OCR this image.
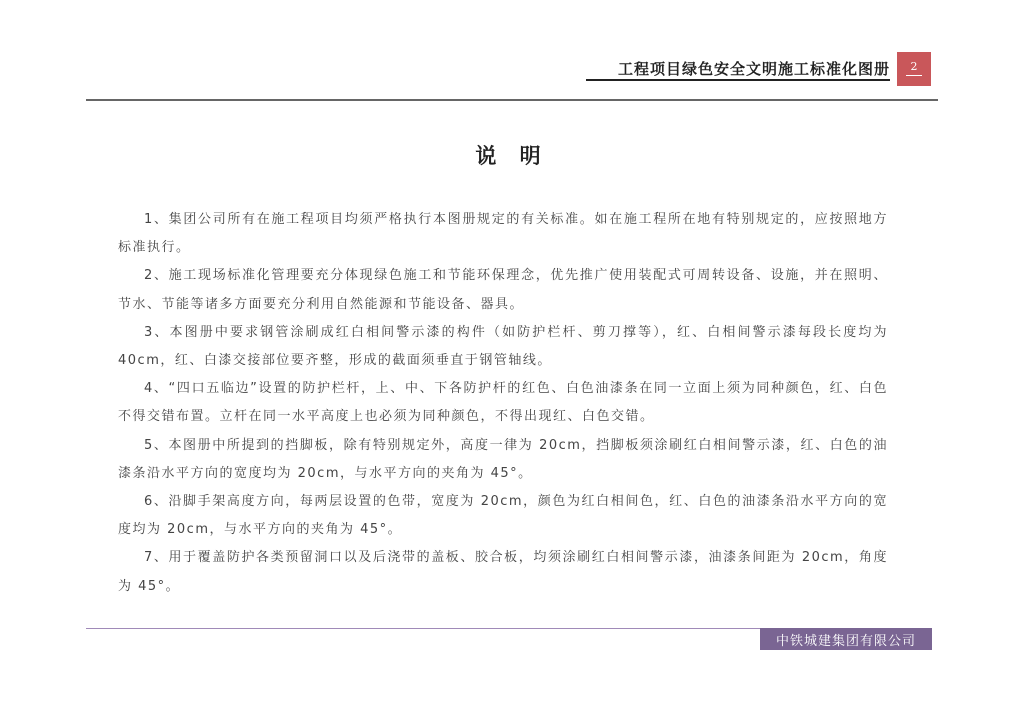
工程项目绿色安全文明施工标准化图册 2
说 明

1、集团公司所有在施工程项目均须严格执行本图册规定的有关标准。如在施工程所在地有特别规定的，应按照地方标准执行。

2、施工现场标准化管理要充分体现绿色施工和节能环保理念，优先推广使用装配式可周转设备、设施，并在照明、节水、节能等诸多方面要充分利用自然能源和节能设备、器具。

3、本图册中要求钢管涂刷成红白相间警示漆的构件（如防护栏杆、剪刀撑等），红、白相间警示漆每段长度均为 40cm，红、白漆交接部位要齐整，形成的截面须垂直于钢管轴线。

4、“四口五临边”设置的防护栏杆，上、中、下各防护杆的红色、白色油漆条在同一立面上须为同种颜色，红、白色不得交错布置。立杆在同一水平高度上也必须为同种颜色，不得出现红、白色交错。

5、本图册中所提到的挡脚板，除有特别规定外，高度一律为 20cm，挡脚板须涂刷红白相间警示漆，红、白色的油漆条沿水平方向的宽度均为 20cm，与水平方向的夹角为 45°。

6、沿脚手架高度方向，每两层设置的色带，宽度为 20cm，颜色为红白相间色，红、白色的油漆条沿水平方向的宽度均为 20cm，与水平方向的夹角为 45°。

7、用于覆盖防护各类预留洞口以及后浇带的盖板、胶合板，均须涂刷红白相间警示漆，油漆条间距为 20cm，角度为 45°。

中铁城建集团有限公司
